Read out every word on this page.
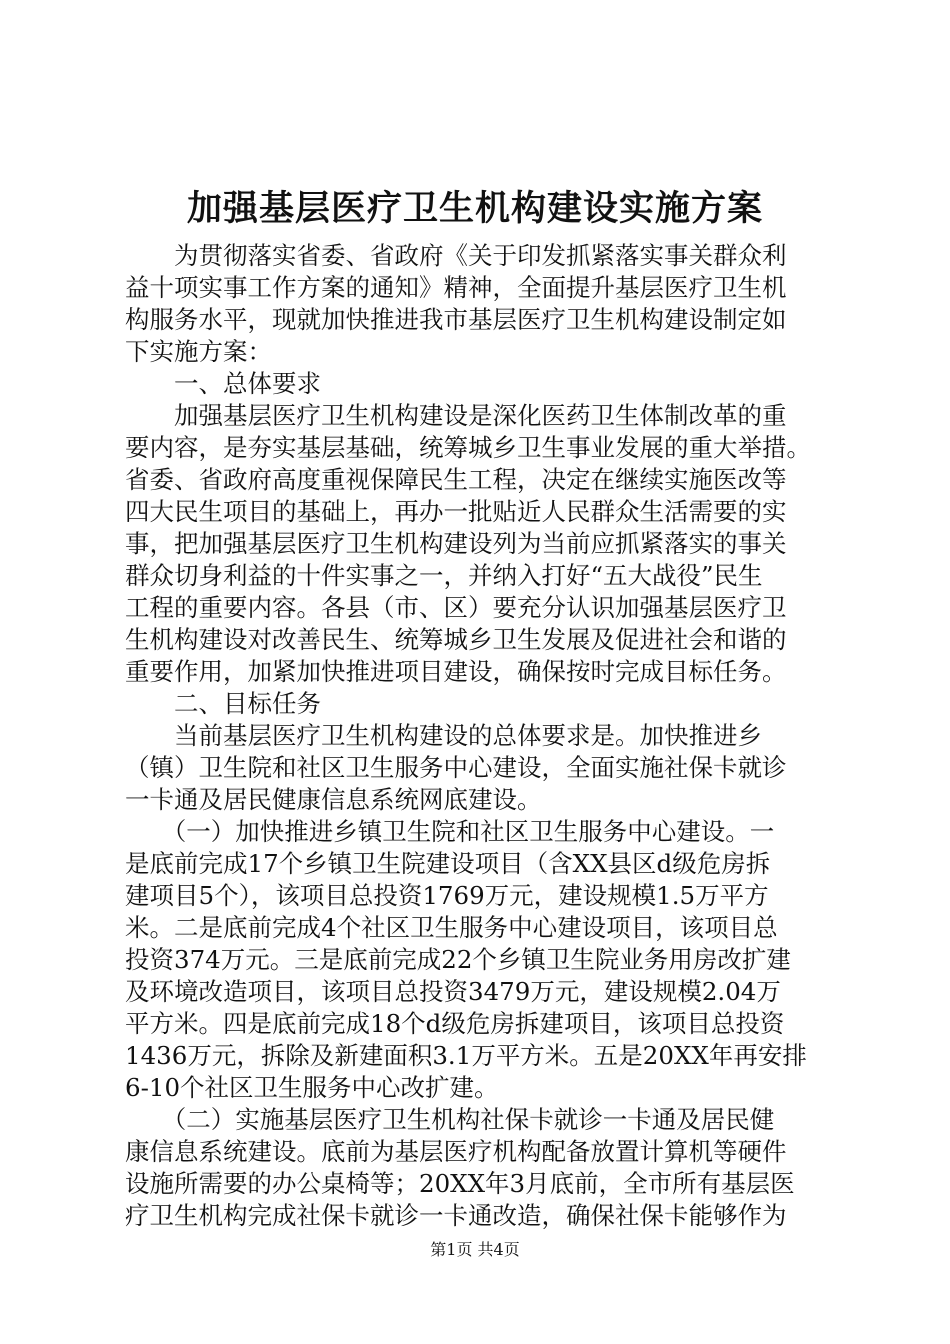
加强基层医疗卫生机构建设实施方案
　　为贯彻落实省委、省政府《关于印发抓紧落实事关群众利
益十项实事工作方案的通知》精神，全面提升基层医疗卫生机
构服务水平，现就加快推进我市基层医疗卫生机构建设制定如
下实施方案：
　　一、总体要求
　　加强基层医疗卫生机构建设是深化医药卫生体制改革的重
要内容，是夯实基层基础，统筹城乡卫生事业发展的重大举措。
省委、省政府高度重视保障民生工程，决定在继续实施医改等
四大民生项目的基础上，再办一批贴近人民群众生活需要的实
事，把加强基层医疗卫生机构建设列为当前应抓紧落实的事关
群众切身利益的十件实事之一，并纳入打好“五大战役”民生
工程的重要内容。各县（市、区）要充分认识加强基层医疗卫
生机构建设对改善民生、统筹城乡卫生发展及促进社会和谐的
重要作用，加紧加快推进项目建设，确保按时完成目标任务。
　　二、目标任务
　　当前基层医疗卫生机构建设的总体要求是。加快推进乡
（镇）卫生院和社区卫生服务中心建设，全面实施社保卡就诊
一卡通及居民健康信息系统网底建设。
　　（一）加快推进乡镇卫生院和社区卫生服务中心建设。一
是底前完成17个乡镇卫生院建设项目（含XX县区d级危房拆
建项目5个），该项目总投资1769万元，建设规模1.5万平方
米。二是底前完成4个社区卫生服务中心建设项目，该项目总
投资374万元。三是底前完成22个乡镇卫生院业务用房改扩建
及环境改造项目，该项目总投资3479万元，建设规模2.04万
平方米。四是底前完成18个d级危房拆建项目，该项目总投资
1436万元，拆除及新建面积3.1万平方米。五是20XX年再安排
6-10个社区卫生服务中心改扩建。
　　（二）实施基层医疗卫生机构社保卡就诊一卡通及居民健
康信息系统建设。底前为基层医疗机构配备放置计算机等硬件
设施所需要的办公桌椅等；20XX年3月底前，全市所有基层医
疗卫生机构完成社保卡就诊一卡通改造，确保社保卡能够作为
第1页 共4页
